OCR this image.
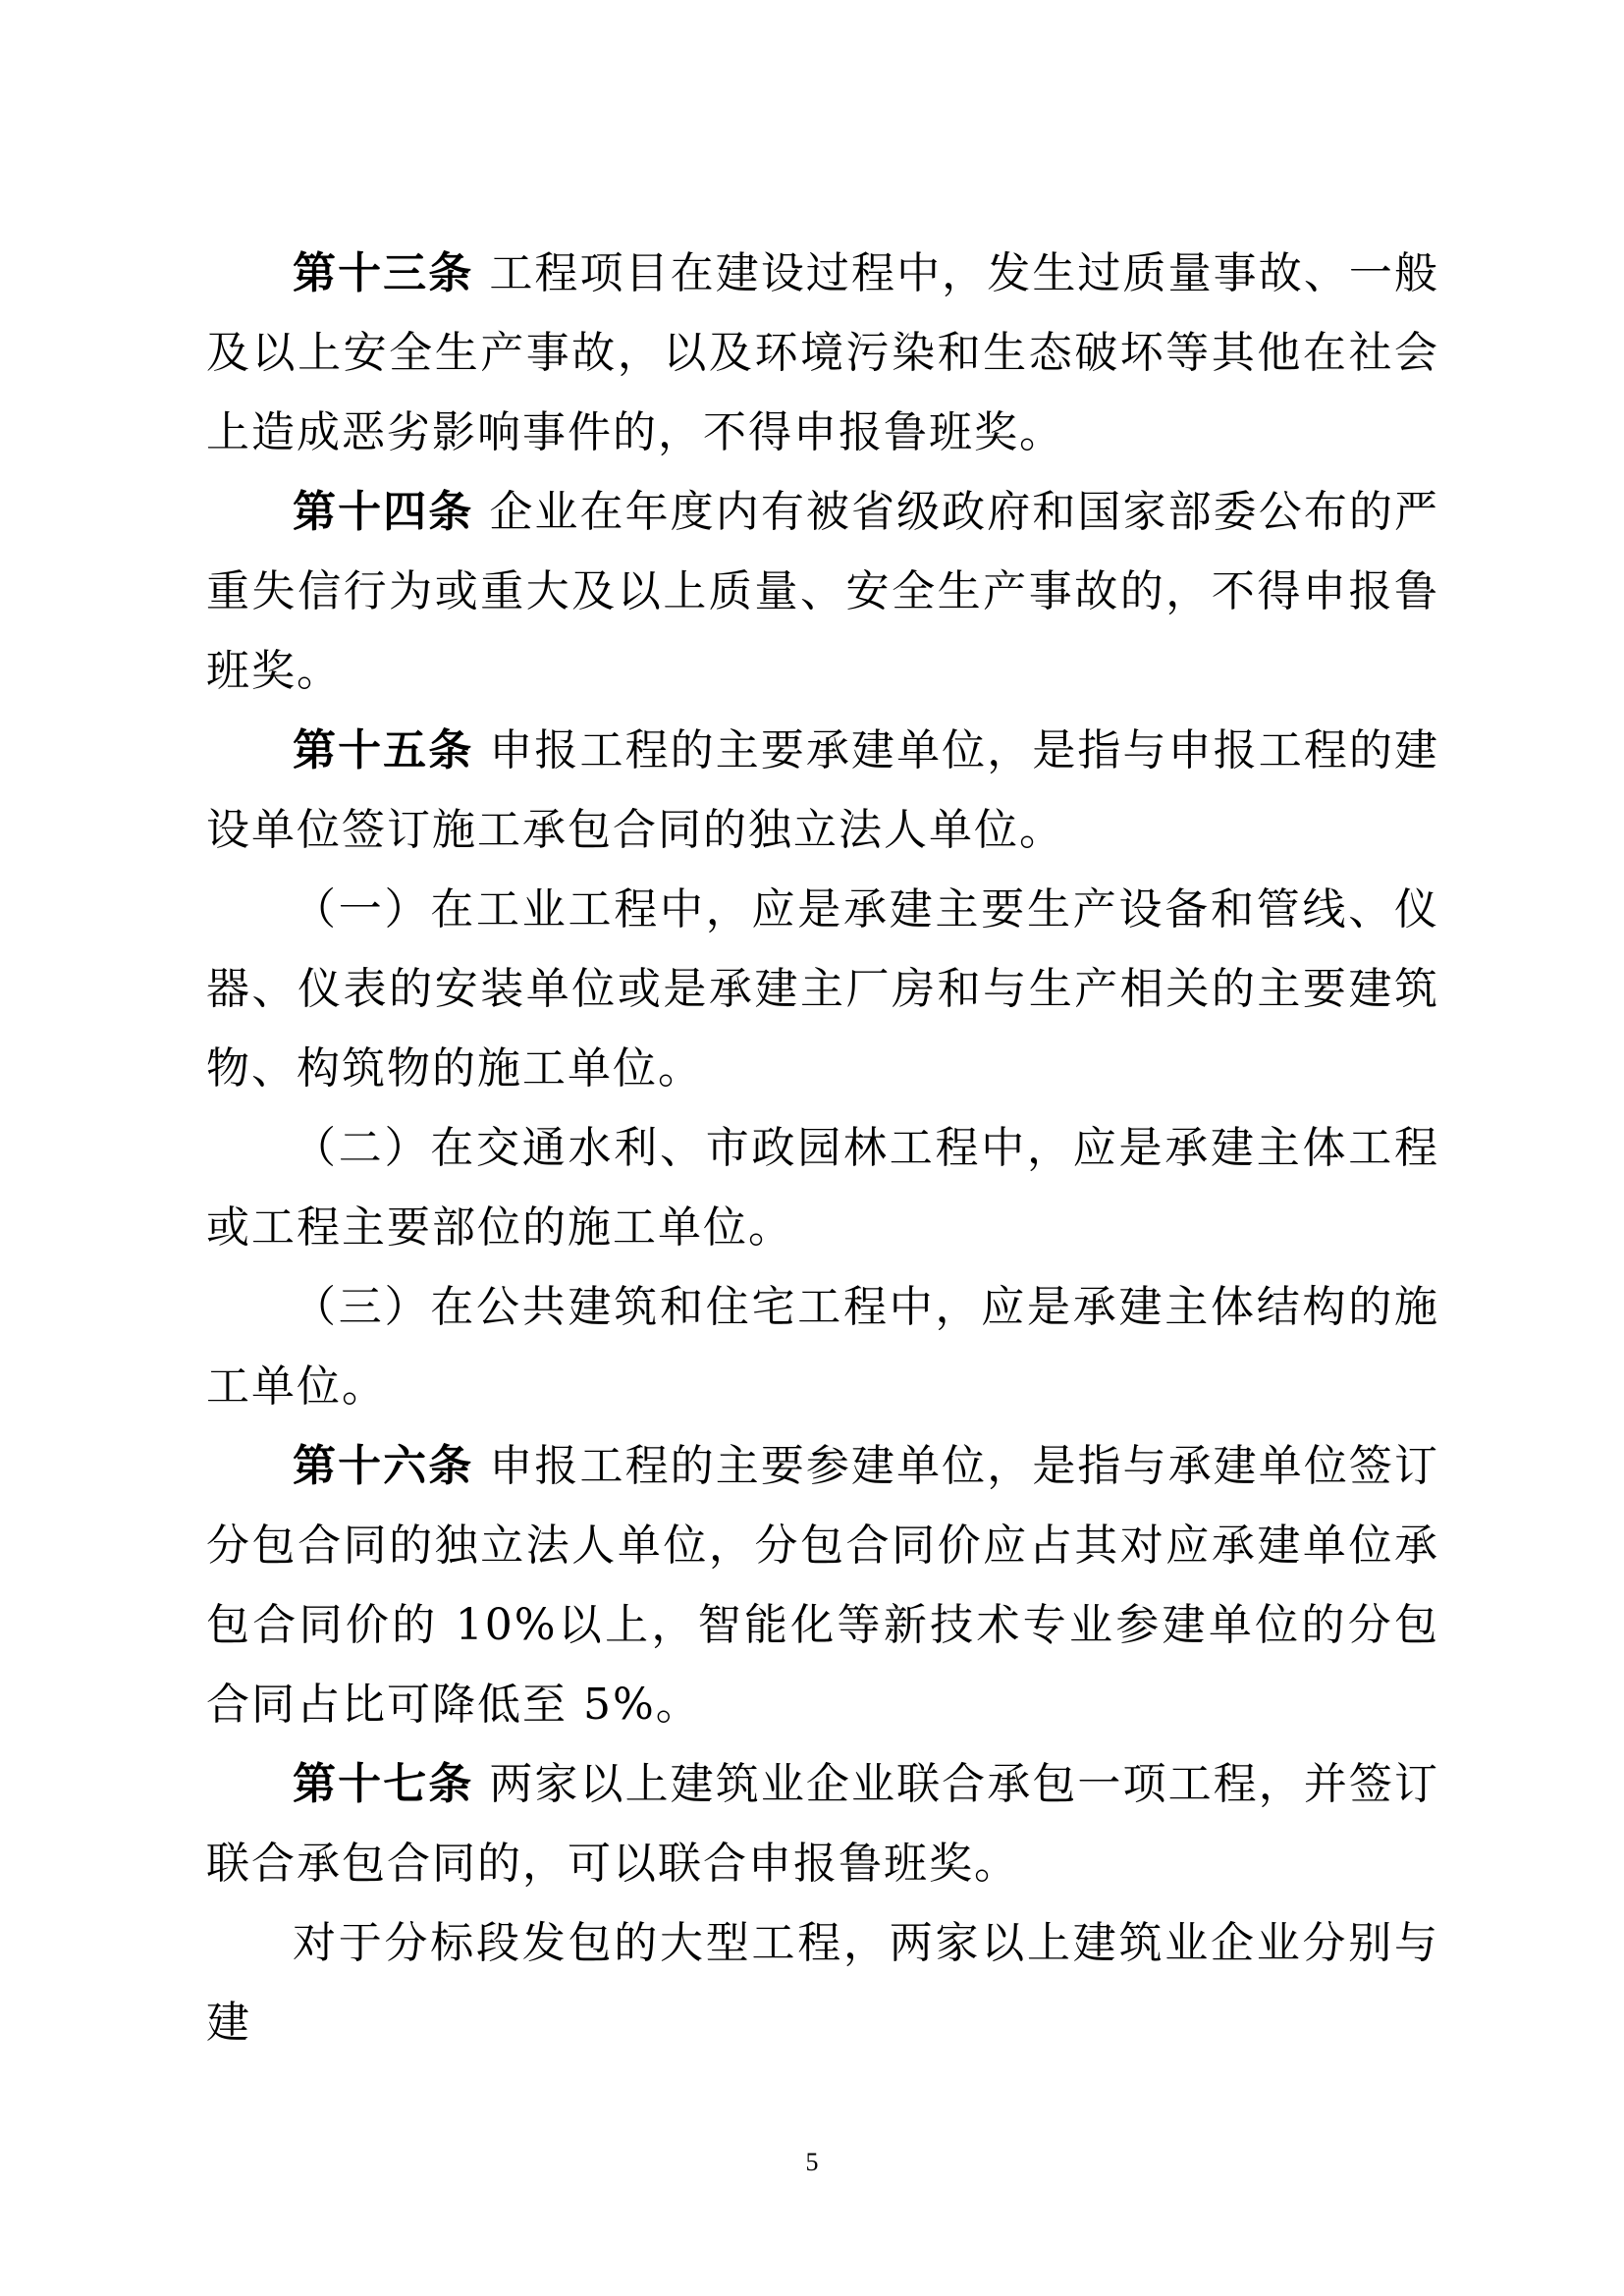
第十三条 工程项目在建设过程中，发生过质量事故、一般及以上安全生产事故，以及环境污染和生态破坏等其他在社会上造成恶劣影响事件的，不得申报鲁班奖。

第十四条 企业在年度内有被省级政府和国家部委公布的严重失信行为或重大及以上质量、安全生产事故的，不得申报鲁班奖。

第十五条 申报工程的主要承建单位，是指与申报工程的建设单位签订施工承包合同的独立法人单位。

（一）在工业工程中，应是承建主要生产设备和管线、仪器、仪表的安装单位或是承建主厂房和与生产相关的主要建筑物、构筑物的施工单位。

（二）在交通水利、市政园林工程中，应是承建主体工程或工程主要部位的施工单位。

（三）在公共建筑和住宅工程中，应是承建主体结构的施工单位。

第十六条 申报工程的主要参建单位，是指与承建单位签订分包合同的独立法人单位，分包合同价应占其对应承建单位承包合同价的 10%以上，智能化等新技术专业参建单位的分包合同占比可降低至 5%。

第十七条 两家以上建筑业企业联合承包一项工程，并签订联合承包合同的，可以联合申报鲁班奖。

对于分标段发包的大型工程，两家以上建筑业企业分别与建

5
